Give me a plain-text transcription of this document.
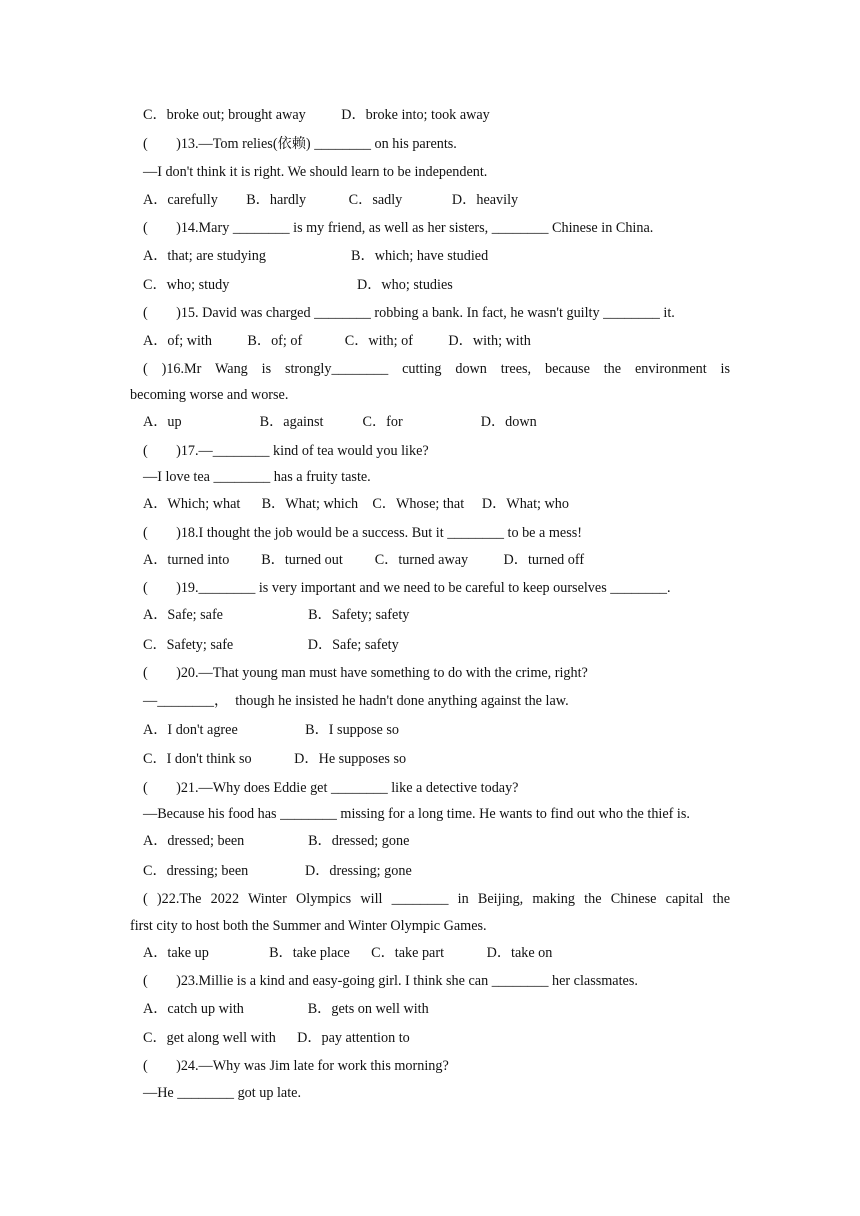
C．broke out; brought away          D．broke into; took away
(        )13.—Tom relies(依赖) ________ on his parents.
—I don't think it is right. We should learn to be independent.
A．carefully        B．hardly            C．sadly              D．heavily
(        )14.Mary ________ is my friend, as well as her sisters, ________ Chinese in China.
A．that; are studying                        B．which; have studied
C．who; study                                    D．who; studies
(        )15. David was charged ________ robbing a bank. In fact, he wasn't guilty ________ it.
A．of; with          B．of; of            C．with; of          D．with; with
( )16.Mr Wang is strongly________ cutting down trees, because the environment is
becoming worse and worse.
A．up                      B．against           C．for                      D．down
(        )17.—________ kind of tea would you like?
—I love tea ________ has a fruity taste.
A．Which; what      B．What; which    C．Whose; that     D．What; who
(        )18.I thought the job would be a success. But it ________ to be a mess!
A．turned into         B．turned out         C．turned away          D．turned off
(        )19.________ is very important and we need to be careful to keep ourselves ________.
A．Safe; safe                        B．Safety; safety
C．Safety; safe                     D．Safe; safety
(        )20.—That young man must have something to do with the crime, right?
—________，  though he insisted he hadn't done anything against the law.
A．I don't agree                   B．I suppose so
C．I don't think so            D．He supposes so
(        )21.—Why does Eddie get ________ like a detective today?
—Because his food has ________ missing for a long time. He wants to find out who the thief is.
A．dressed; been                  B．dressed; gone
C．dressing; been                D．dressing; gone
( )22.The 2022 Winter Olympics will ________ in Beijing, making the Chinese capital the
first city to host both the Summer and Winter Olympic Games.
A．take up                 B．take place      C．take part            D．take on
(        )23.Millie is a kind and easy-going girl. I think she can ________ her classmates.
A．catch up with                  B．gets on well with
C．get along well with      D．pay attention to
(        )24.—Why was Jim late for work this morning?
—He ________ got up late.
